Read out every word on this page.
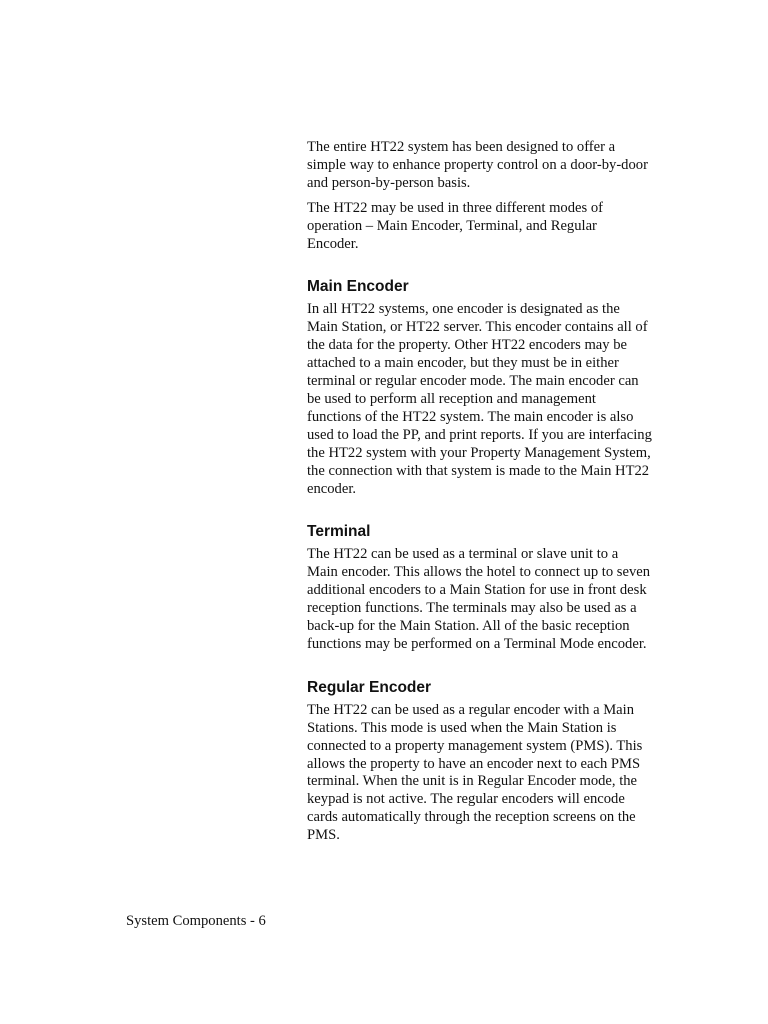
The entire HT22 system has been designed to offer a simple way to enhance property control on a door-by-door and person-by-person basis.

The HT22 may be used in three different modes of operation – Main Encoder, Terminal, and Regular Encoder.

Main Encoder

In all HT22 systems, one encoder is designated as the Main Station, or HT22 server. This encoder contains all of the data for the property. Other HT22 encoders may be attached to a main encoder, but they must be in either terminal or regular encoder mode. The main encoder can be used to perform all reception and management functions of the HT22 system. The main encoder is also used to load the PP, and print reports. If you are interfacing the HT22 system with your Property Management System, the connection with that system is made to the Main HT22 encoder.

Terminal

The HT22 can be used as a terminal or slave unit to a Main encoder. This allows the hotel to connect up to seven additional encoders to a Main Station for use in front desk reception functions. The terminals may also be used as a back-up for the Main Station. All of the basic reception functions may be performed on a Terminal Mode encoder.

Regular Encoder

The HT22 can be used as a regular encoder with a Main Stations. This mode is used when the Main Station is connected to a property management system (PMS). This allows the property to have an encoder next to each PMS terminal. When the unit is in Regular Encoder mode, the keypad is not active. The regular encoders will encode cards automatically through the reception screens on the PMS.

System Components - 6
